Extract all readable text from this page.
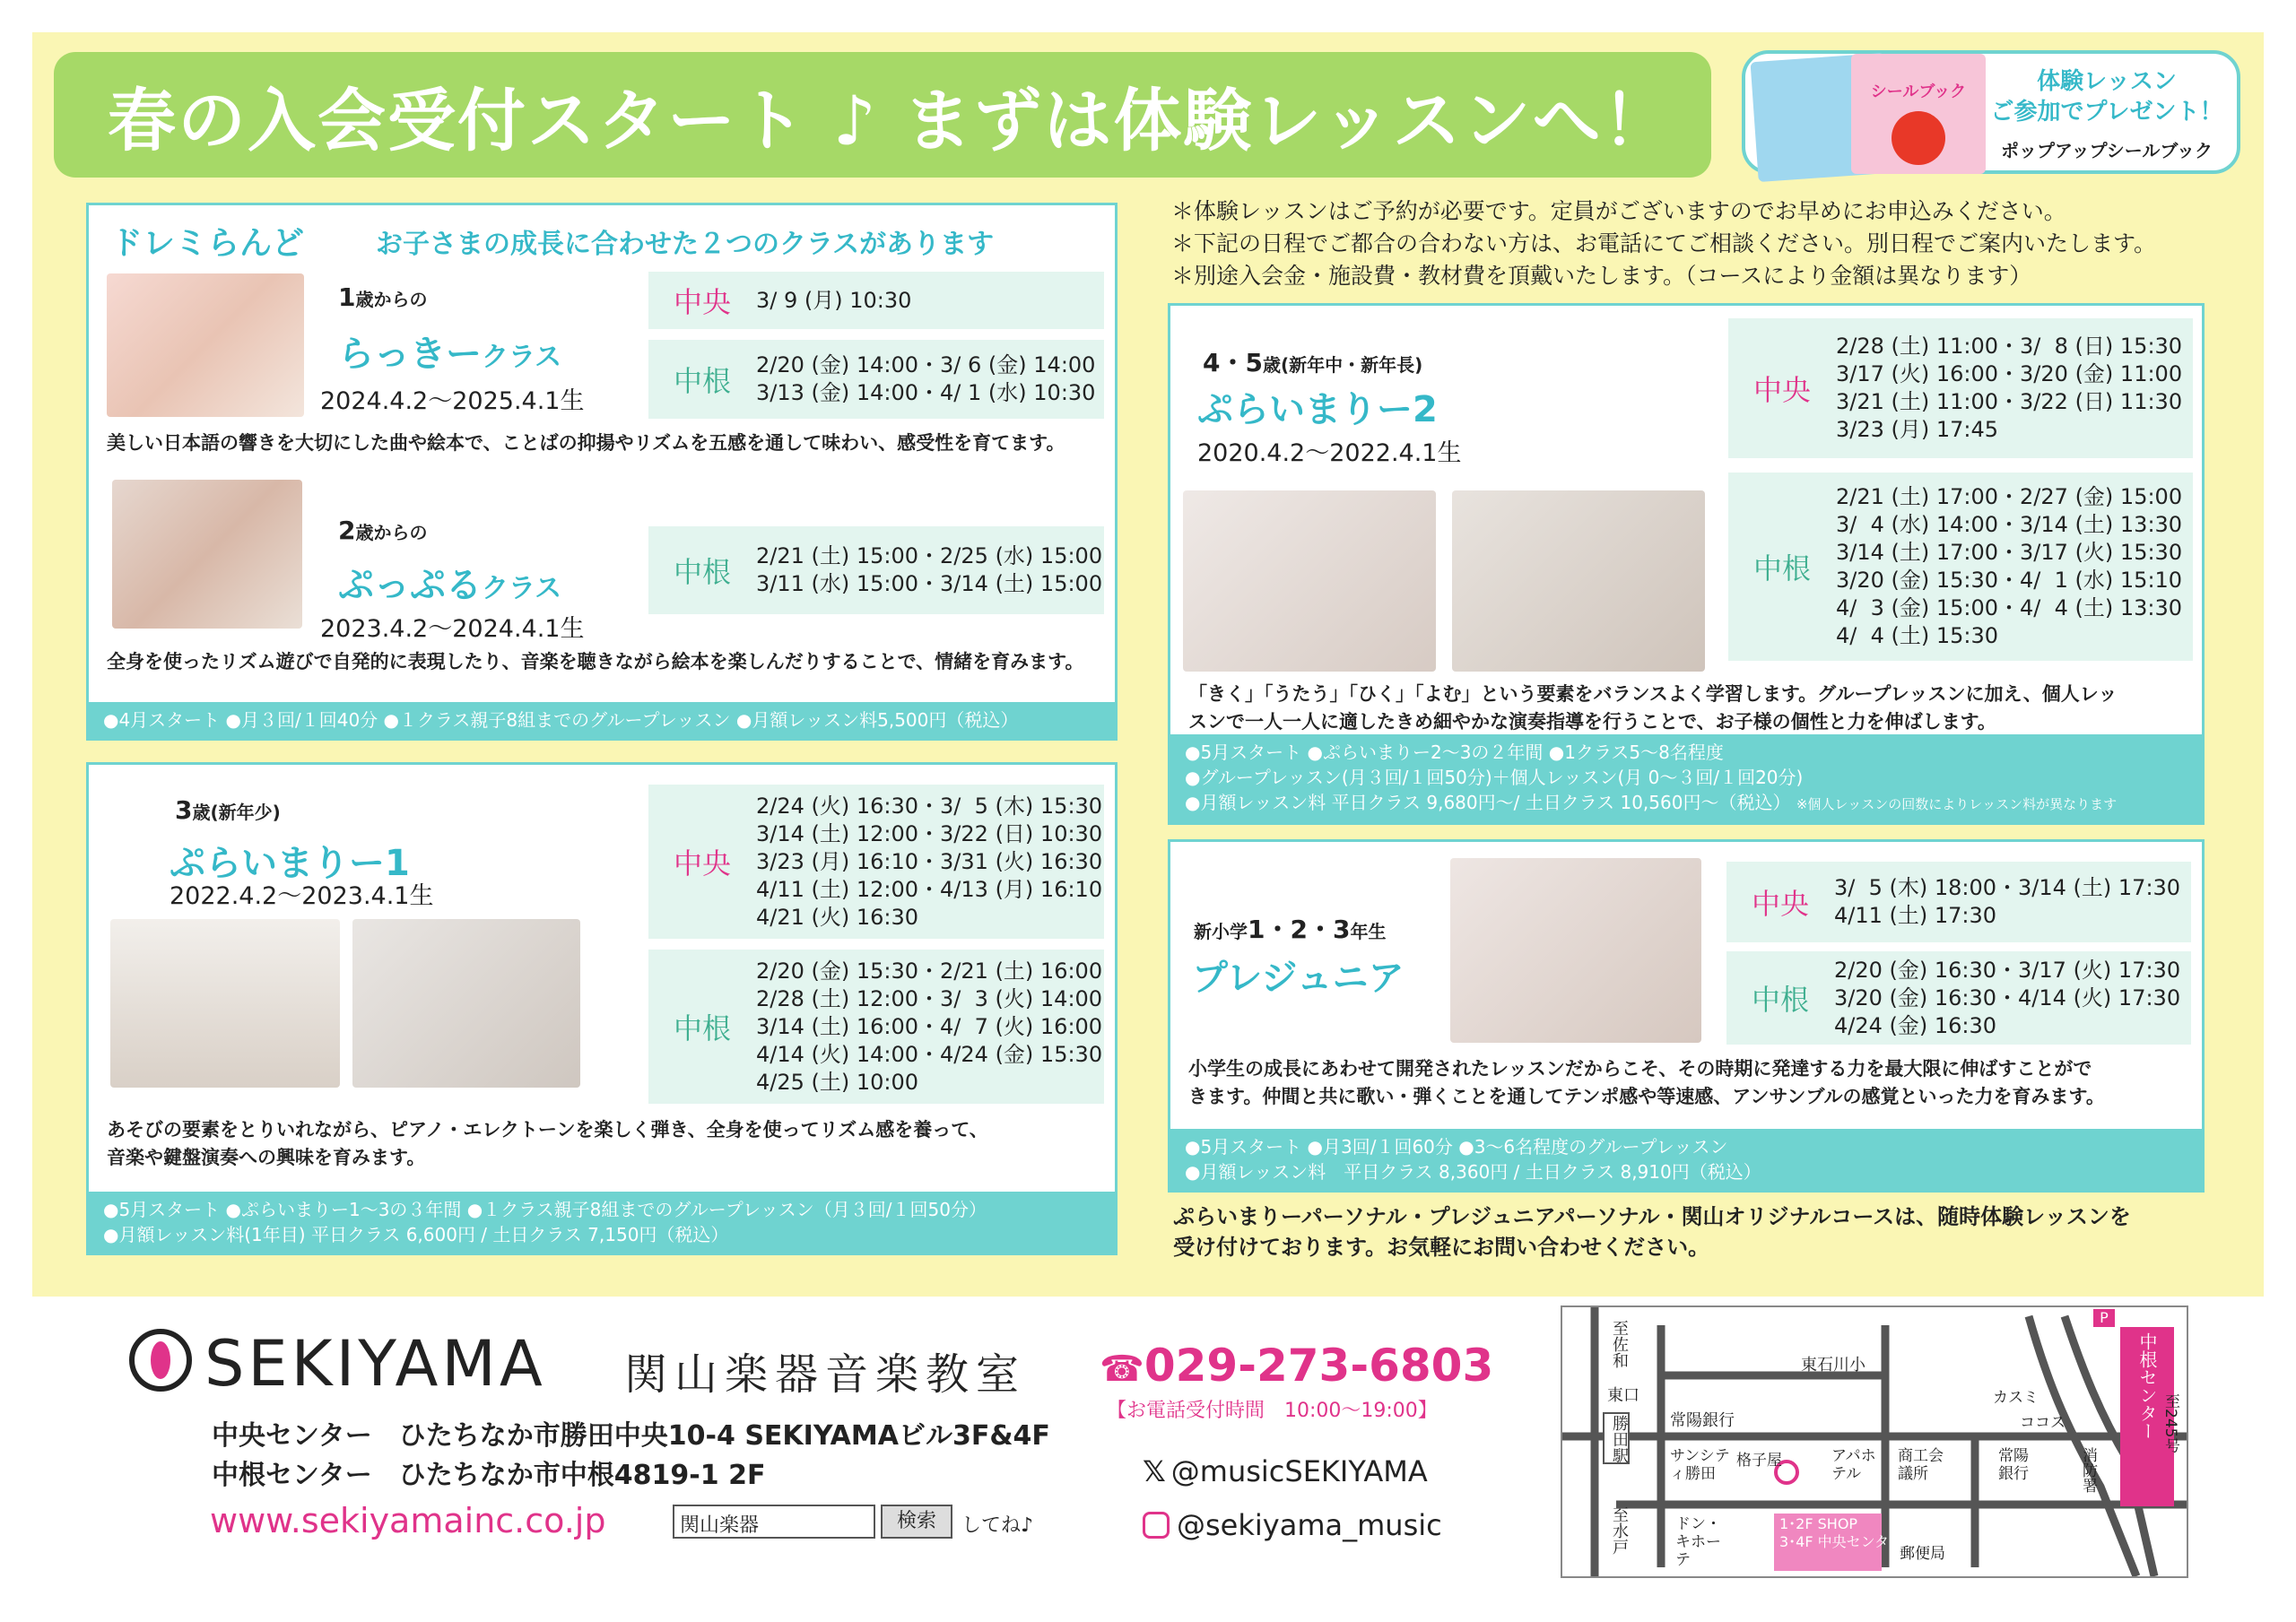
春の入会受付スタート ♪ まずは体験レッスンへ！	シールブック	体験レッスン
ご参加でプレゼント！
ポップアップシールブック
ドレミらんど	お子さまの成長に合わせた２つのクラスがあります
1歳からの
らっきークラス
2024.4.2〜2025.4.1生
中央	3/ 9 (月) 10:30
中根	2/20 (金) 14:00・3/ 6 (金) 14:00
3/13 (金) 14:00・4/ 1 (水) 10:30
美しい日本語の響きを大切にした曲や絵本で、ことばの抑揚やリズムを五感を通して味わい、感受性を育てます。
2歳からの
ぷっぷるクラス
2023.4.2〜2024.4.1生
中根	2/21 (土) 15:00・2/25 (水) 15:00
3/11 (水) 15:00・3/14 (土) 15:00
全身を使ったリズム遊びで自発的に表現したり、音楽を聴きながら絵本を楽しんだりすることで、情緒を育みます。
●4月スタート ●月３回/１回40分 ●１クラス親子8組までのグループレッスン ●月額レッスン料5,500円（税込）
3歳(新年少)
ぷらいまりー1
2022.4.2〜2023.4.1生
中央
2/24 (火) 16:30・3/  5 (木) 15:30
3/14 (土) 12:00・3/22 (日) 10:30
3/23 (月) 16:10・3/31 (火) 16:30
4/11 (土) 12:00・4/13 (月) 16:10
4/21 (火) 16:30
中根
2/20 (金) 15:30・2/21 (土) 16:00
2/28 (土) 12:00・3/  3 (火) 14:00
3/14 (土) 16:00・4/  7 (火) 16:00
4/14 (火) 14:00・4/24 (金) 15:30
4/25 (土) 10:00
あそびの要素をとりいれながら、ピアノ・エレクトーンを楽しく弾き、全身を使ってリズム感を養って、
音楽や鍵盤演奏への興味を育みます。
●5月スタート ●ぷらいまりー1〜3の３年間 ●１クラス親子8組までのグループレッスン（月３回/１回50分）
●月額レッスン料(1年目) 平日クラス 6,600円 / 土日クラス 7,150円（税込）
＊体験レッスンはご予約が必要です。定員がございますのでお早めにお申込みください。
＊下記の日程でご都合の合わない方は、お電話にてご相談ください。別日程でご案内いたします。
＊別途入会金・施設費・教材費を頂戴いたします。（コースにより金額は異なります）
4・5歳(新年中・新年長)
ぷらいまりー2
2020.4.2〜2022.4.1生
中央
2/28 (土) 11:00・3/  8 (日) 15:30
3/17 (火) 16:00・3/20 (金) 11:00
3/21 (土) 11:00・3/22 (日) 11:30
3/23 (月) 17:45
中根
2/21 (土) 17:00・2/27 (金) 15:00
3/  4 (水) 14:00・3/14 (土) 13:30
3/14 (土) 17:00・3/17 (火) 15:30
3/20 (金) 15:30・4/  1 (水) 15:10
4/  3 (金) 15:00・4/  4 (土) 13:30
4/  4 (土) 15:30
「きく」「うたう」「ひく」「よむ」という要素をバランスよく学習します。グループレッスンに加え、個人レッ
スンで一人一人に適したきめ細やかな演奏指導を行うことで、お子様の個性と力を伸ばします。
●5月スタート ●ぷらいまりー2〜3の２年間 ●1クラス5〜8名程度
●グループレッスン(月３回/１回50分)＋個人レッスン(月 0〜３回/１回20分)
●月額レッスン料 平日クラス 9,680円〜/ 土日クラス 10,560円〜（税込） ※個人レッスンの回数によりレッスン料が異なります
新小学1・2・3年生
プレジュニア
中央	3/  5 (木) 18:00・3/14 (土) 17:30
4/11 (土) 17:30
中根
2/20 (金) 16:30・3/17 (火) 17:30
3/20 (金) 16:30・4/14 (火) 17:30
4/24 (金) 16:30
小学生の成長にあわせて開発されたレッスンだからこそ、その時期に発達する力を最大限に伸ばすことがで
きます。仲間と共に歌い・弾くことを通してテンポ感や等速感、アンサンブルの感覚といった力を育みます。
●5月スタート ●月3回/１回60分 ●3〜6名程度のグループレッスン
●月額レッスン料　平日クラス 8,360円 / 土日クラス 8,910円（税込）
ぷらいまりーパーソナル・プレジュニアパーソナル・関山オリジナルコースは、随時体験レッスンを
受け付けております。お気軽にお問い合わせください。
SEKIYAMA 関山楽器音楽教室 ☎029-273-6803
【お電話受付時間　10:00〜19:00】
中央センター　ひたちなか市勝田中央10-4 SEKIYAMAビル3F&4F
中根センター　ひたちなか市中根4819-1 2F
www.sekiyamainc.co.jp	関山楽器	検索	してね♪
𝕏 @musicSEKIYAMA
@sekiyama_music
至佐和
東口
勝田駅
至水戸
東石川小
常陽銀行
サンシティ勝田
格子屋	アパホテル
商工会議所
カスミ
ココス
常陽銀行	消防署
中根センター 至245号
ドン・キホーテ	郵便局
1･2F SHOP
3･4F 中央センター
P
